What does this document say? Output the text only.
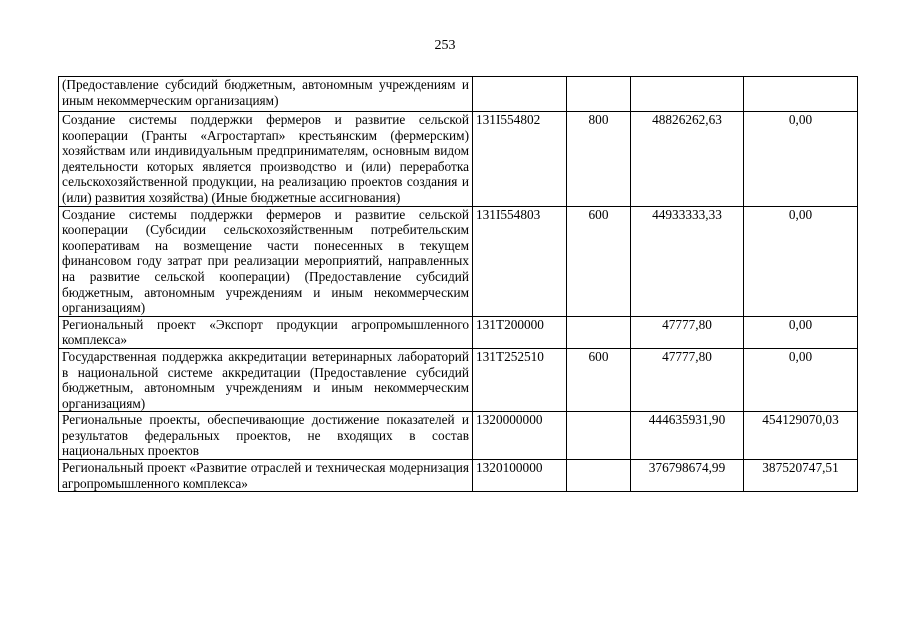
253
(Предоставление субсидий бюджетным, автономным учреждениям и иным некоммерческим организациям)				
Создание системы поддержки фермеров и развитие сельской кооперации (Гранты «Агростартап» крестьянским (фермерским) хозяйствам или индивидуальным предпринимателям, основным видом деятельности которых является производство и (или) переработка сельскохозяйственной продукции, на реализацию проектов создания и (или) развития хозяйства) (Иные бюджетные ассигнования)	131I554802	800	48826262,63	0,00
Создание системы поддержки фермеров и развитие сельской кооперации (Субсидии сельскохозяйственным потребительским кооперативам на возмещение части понесенных в текущем финансовом году затрат при реализации мероприятий, направленных на развитие сельской кооперации) (Предоставление субсидий бюджетным, автономным учреждениям и иным некоммерческим организациям)	131I554803	600	44933333,33	0,00
Региональный проект «Экспорт продукции агропромышленного комплекса»	131T200000		47777,80	0,00
Государственная поддержка аккредитации ветеринарных лабораторий в национальной системе аккредитации (Предоставление субсидий бюджетным, автономным учреждениям и иным некоммерческим организациям)	131T252510	600	47777,80	0,00
Региональные проекты, обеспечивающие достижение показателей и результатов федеральных проектов, не входящих в состав национальных проектов	1320000000		444635931,90	454129070,03
Региональный проект «Развитие отраслей и техническая модернизация агропромышленного комплекса»	1320100000		376798674,99	387520747,51
